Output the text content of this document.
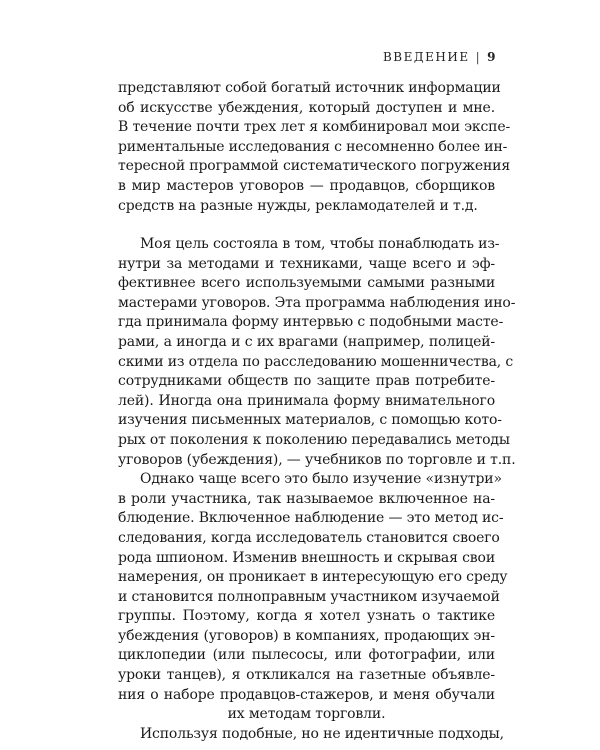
ВВЕДЕНИЕ | 9
представляют собой богатый источник информации
об искусстве убеждения, который доступен и мне.
В течение почти трех лет я комбинировал мои экспе-
риментальные исследования с несомненно более ин-
тересной программой систематического погружения
в мир мастеров уговоров — продавцов, сборщиков
средств на разные нужды, рекламодателей и т.д.
Моя цель состояла в том, чтобы понаблюдать из-
нутри за методами и техниками, чаще всего и эф-
фективнее всего используемыми самыми разными
мастерами уговоров. Эта программа наблюдения ино-
гда принимала форму интервью с подобными масте-
рами, а иногда и с их врагами (например, полицей-
скими из отдела по расследованию мошенничества, с
сотрудниками обществ по защите прав потребите-
лей). Иногда она принимала форму внимательного
изучения письменных материалов, с помощью кото-
рых от поколения к поколению передавались методы
уговоров (убеждения), — учебников по торговле и т.п.
Однако чаще всего это было изучение «изнутри»
в роли участника, так называемое включенное на-
блюдение. Включенное наблюдение — это метод ис-
следования, когда исследователь становится своего
рода шпионом. Изменив внешность и скрывая свои
намерения, он проникает в интересующую его среду
и становится полноправным участником изучаемой
группы. Поэтому, когда я хотел узнать о тактике
убеждения (уговоров) в компаниях, продающих эн-
циклопедии (или пылесосы, или фотографии, или
уроки танцев), я откликался на газетные объявле-
ния о наборе продавцов-стажеров, и меня обучали
их методам торговли.
Используя подобные, но не идентичные подходы,
